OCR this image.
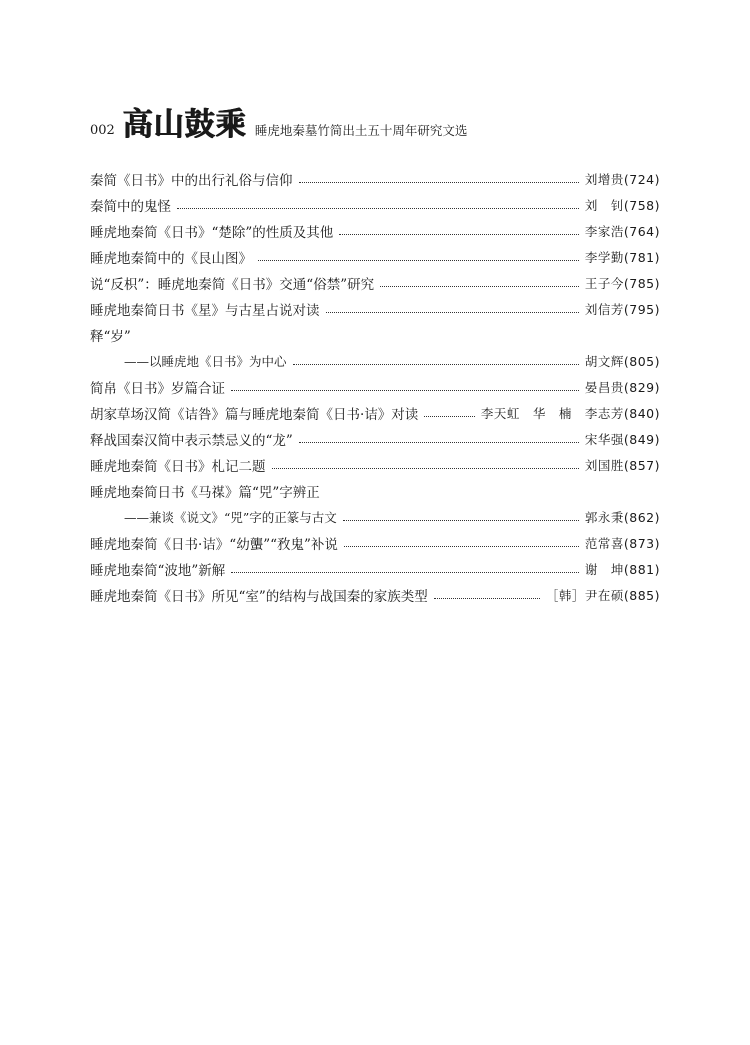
002 高山鼓乘 睡虎地秦墓竹简出土五十周年研究文选
秦简《日书》中的出行礼俗与信仰	刘增贵(724)
秦简中的鬼怪	刘　钊(758)
睡虎地秦简《日书》“楚除”的性质及其他	李家浩(764)
睡虎地秦简中的《艮山图》	李学勤(781)
说“反枳”：睡虎地秦简《日书》交通“俗禁”研究	王子今(785)
睡虎地秦简日书《星》与古星占说对读	刘信芳(795)
释“岁”
——以睡虎地《日书》为中心	胡文辉(805)
简帛《日书》岁篇合证	晏昌贵(829)
胡家草场汉简《诘咎》篇与睡虎地秦简《日书·诘》对读	李天虹　华　楠　李志芳(840)
释战国秦汉简中表示禁忌义的“龙”	宋华强(849)
睡虎地秦简《日书》札记二题	刘国胜(857)
睡虎地秦简日书《马禖》篇“兕”字辨正
——兼谈《说文》“兕”字的正篆与古文	郭永秉(862)
睡虎地秦简《日书·诘》“幼蠪”“敄鬼”补说	范常喜(873)
睡虎地秦简“波地”新解	谢　坤(881)
睡虎地秦简《日书》所见“室”的结构与战国秦的家族类型	［韩］尹在硕(885)
